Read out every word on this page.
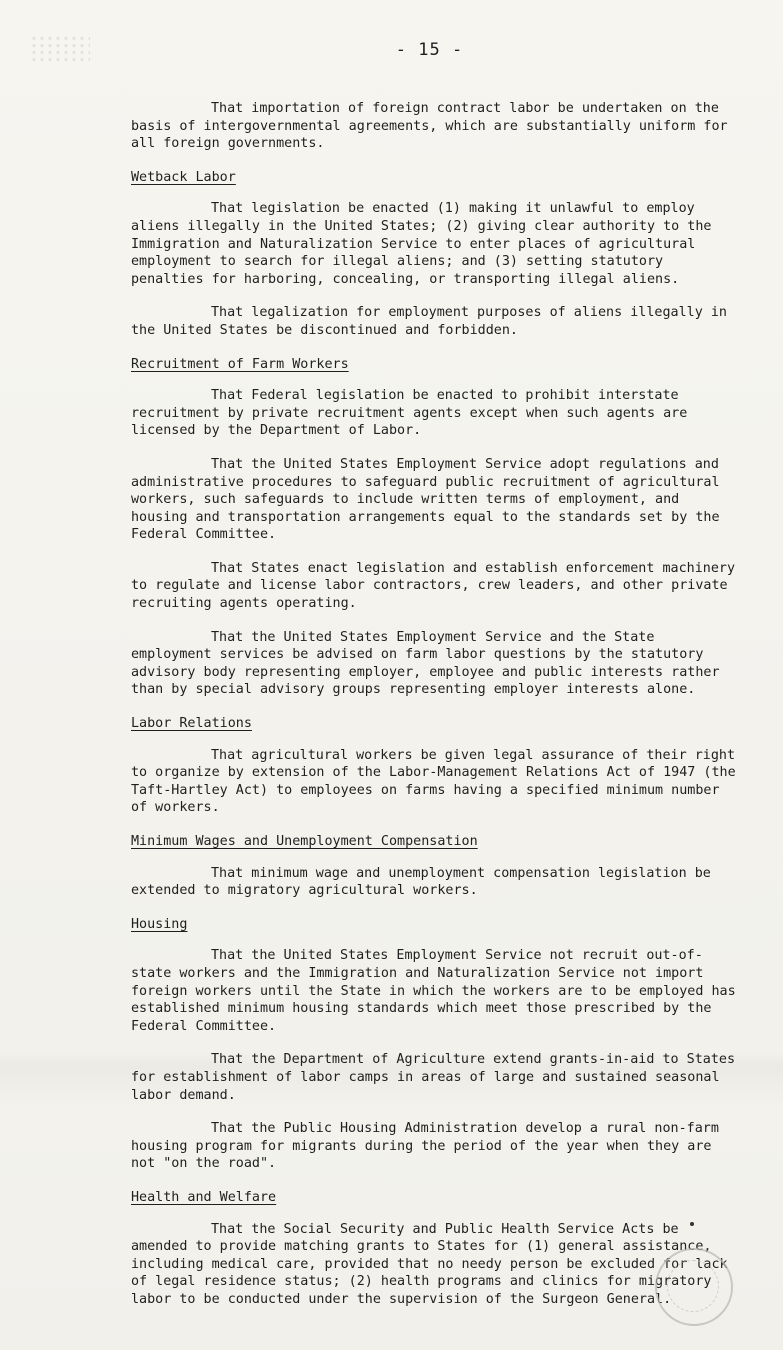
- 15 -

That importation of foreign contract labor be undertaken on the basis of intergovernmental agreements, which are substantially uniform for all foreign governments.

Wetback Labor

That legislation be enacted (1) making it unlawful to employ aliens illegally in the United States; (2) giving clear authority to the Immigration and Naturalization Service to enter places of agricultural employment to search for illegal aliens; and (3) setting statutory penalties for harboring, concealing, or transporting illegal aliens.

That legalization for employment purposes of aliens illegally in the United States be discontinued and forbidden.

Recruitment of Farm Workers

That Federal legislation be enacted to prohibit interstate recruitment by private recruitment agents except when such agents are licensed by the Department of Labor.

That the United States Employment Service adopt regulations and administrative procedures to safeguard public recruitment of agricultural workers, such safeguards to include written terms of employment, and housing and transportation arrangements equal to the standards set by the Federal Committee.

That States enact legislation and establish enforcement machinery to regulate and license labor contractors, crew leaders, and other private recruiting agents operating.

That the United States Employment Service and the State employment services be advised on farm labor questions by the statutory advisory body representing employer, employee and public interests rather than by special advisory groups representing employer interests alone.

Labor Relations

That agricultural workers be given legal assurance of their right to organize by extension of the Labor-Management Relations Act of 1947 (the Taft-Hartley Act) to employees on farms having a specified minimum number of workers.

Minimum Wages and Unemployment Compensation

That minimum wage and unemployment compensation legislation be extended to migratory agricultural workers.

Housing

That the United States Employment Service not recruit out-of-state workers and the Immigration and Naturalization Service not import foreign workers until the State in which the workers are to be employed has established minimum housing standards which meet those prescribed by the Federal Committee.

That the Department of Agriculture extend grants-in-aid to States for establishment of labor camps in areas of large and sustained seasonal labor demand.

That the Public Housing Administration develop a rural non-farm housing program for migrants during the period of the year when they are not "on the road".

Health and Welfare

That the Social Security and Public Health Service Acts be amended to provide matching grants to States for (1) general assistance, including medical care, provided that no needy person be excluded for lack of legal residence status; (2) health programs and clinics for migratory labor to be conducted under the supervision of the Surgeon General.
